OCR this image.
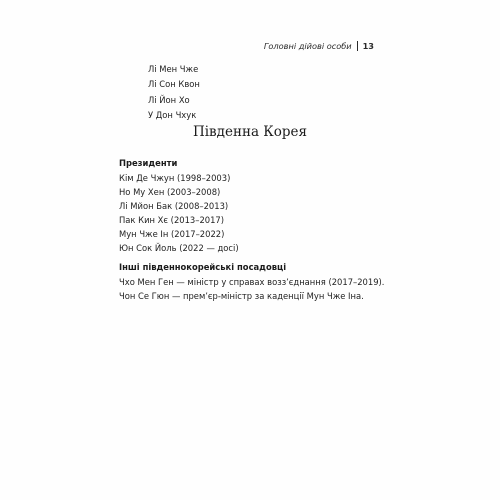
Головні дійові особи 13
Лі Мен Чже
Лі Сон Квон
Лі Йон Хо
У Дон Чхук
Південна Корея
Президенти
Кім Де Чжун (1998–2003)
Но Му Хен (2003–2008)
Лі Мйон Бак (2008–2013)
Пак Кин Хє (2013–2017)
Мун Чже Ін (2017–2022)
Юн Сок Йоль (2022 — досі)
Інші південнокорейські посадовці
Чхо Мен Ген — міністр у справах возз’єднання (2017–2019).
Чон Се Гюн — прем’єр-міністр за каденції Мун Чже Іна.
